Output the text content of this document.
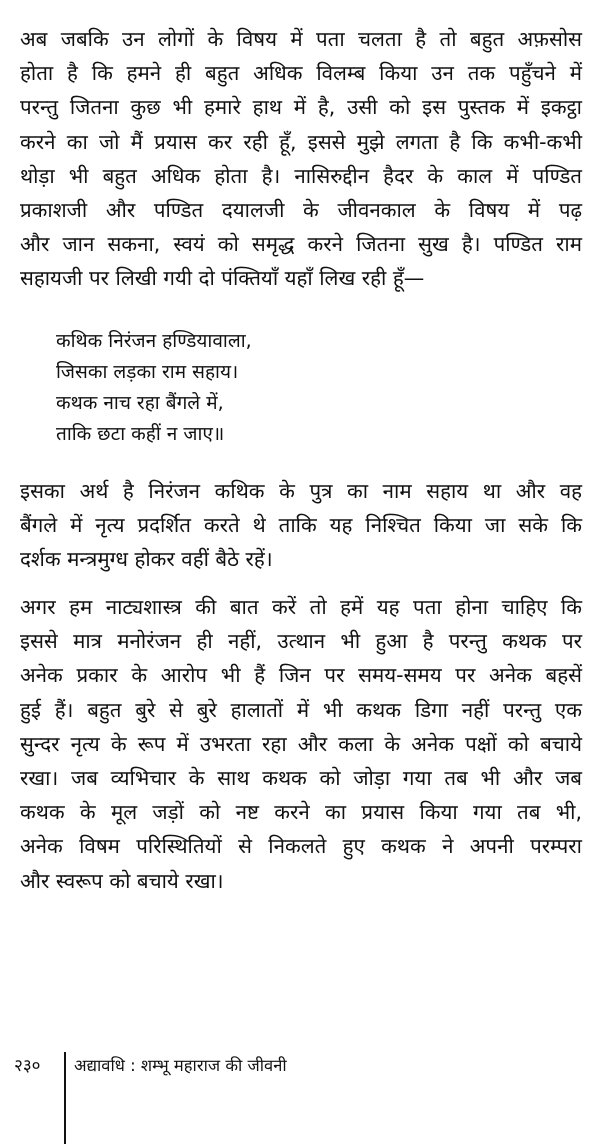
अब जबकि उन लोगों के विषय में पता चलता है तो बहुत अफ़सोस
होता है कि हमने ही बहुत अधिक विलम्ब किया उन तक पहुँचने में
परन्तु जितना कुछ भी हमारे हाथ में है, उसी को इस पुस्तक में इकट्ठा
करने का जो मैं प्रयास कर रही हूँ, इससे मुझे लगता है कि कभी-कभी
थोड़ा भी बहुत अधिक होता है। नासिरुद्दीन हैदर के काल में पण्डित
प्रकाशजी और पण्डित दयालजी के जीवनकाल के विषय में पढ़
और जान सकना, स्वयं को समृद्ध करने जितना सुख है। पण्डित राम
सहायजी पर लिखी गयी दो पंक्तियाँ यहाँ लिख रही हूँ—

कथिक निरंजन हण्डियावाला,
जिसका लड़का राम सहाय।
कथक नाच रहा बैंगले में,
ताकि छटा कहीं न जाए॥

इसका अर्थ है निरंजन कथिक के पुत्र का नाम सहाय था और वह
बैंगले में नृत्य प्रदर्शित करते थे ताकि यह निश्चित किया जा सके कि
दर्शक मन्त्रमुग्ध होकर वहीं बैठे रहें।

अगर हम नाट्यशास्त्र की बात करें तो हमें यह पता होना चाहिए कि
इससे मात्र मनोरंजन ही नहीं, उत्थान भी हुआ है परन्तु कथक पर
अनेक प्रकार के आरोप भी हैं जिन पर समय-समय पर अनेक बहसें
हुई हैं। बहुत बुरे से बुरे हालातों में भी कथक डिगा नहीं परन्तु एक
सुन्दर नृत्य के रूप में उभरता रहा और कला के अनेक पक्षों को बचाये
रखा। जब व्यभिचार के साथ कथक को जोड़ा गया तब भी और जब
कथक के मूल जड़ों को नष्ट करने का प्रयास किया गया तब भी,
अनेक विषम परिस्थितियों से निकलते हुए कथक ने अपनी परम्परा
और स्वरूप को बचाये रखा।

२३० अद्यावधि : शम्भू महाराज की जीवनी
